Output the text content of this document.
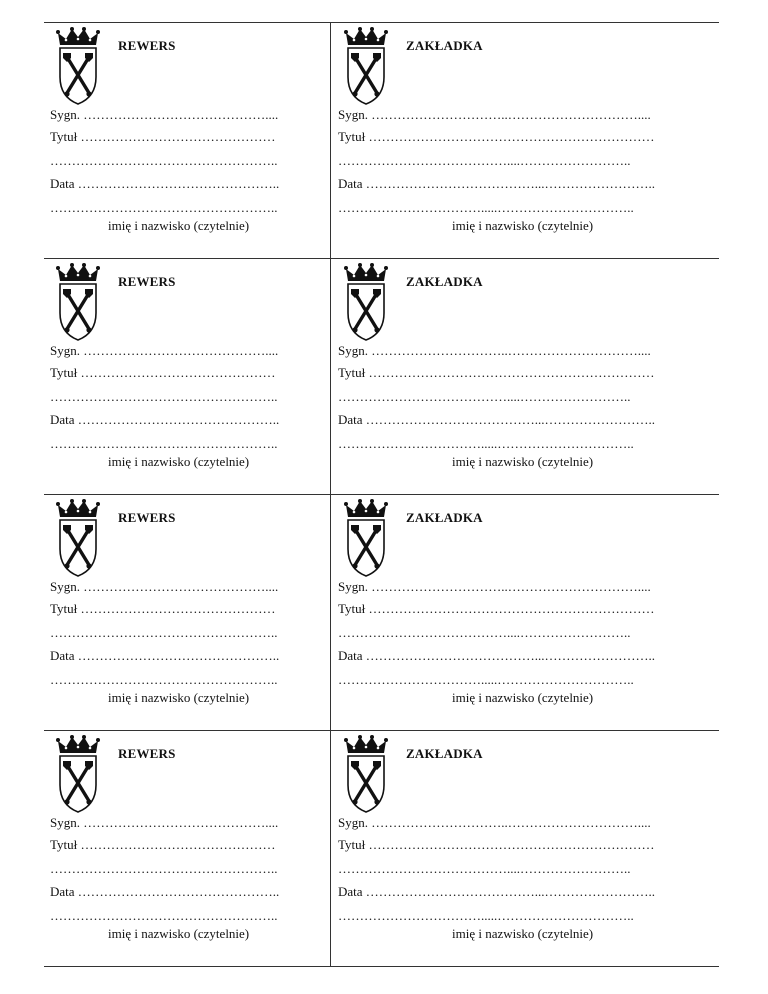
REWERS
Sygn. ……………………………………....
Tytuł ………………………………………
……………………………………………..
Data ………………………………………..
……………………………………………..
imię i nazwisko (czytelnie)
ZAKŁADKA
Sygn. …………………………..…………………………....
Tytuł …………………………………………………………
…………………………………....……………………..
Data …………………………………...……………………..
…………………………….....…………………………..
imię i nazwisko (czytelnie)
REWERS
Sygn. ……………………………………....
Tytuł ………………………………………
……………………………………………..
Data ………………………………………..
……………………………………………..
imię i nazwisko (czytelnie)
ZAKŁADKA
Sygn. …………………………..…………………………....
Tytuł …………………………………………………………
…………………………………....……………………..
Data …………………………………...……………………..
…………………………….....…………………………..
imię i nazwisko (czytelnie)
REWERS
Sygn. ……………………………………....
Tytuł ………………………………………
……………………………………………..
Data ………………………………………..
……………………………………………..
imię i nazwisko (czytelnie)
ZAKŁADKA
Sygn. …………………………..…………………………....
Tytuł …………………………………………………………
…………………………………....……………………..
Data …………………………………...……………………..
…………………………….....…………………………..
imię i nazwisko (czytelnie)
REWERS
Sygn. ……………………………………....
Tytuł ………………………………………
……………………………………………..
Data ………………………………………..
……………………………………………..
imię i nazwisko (czytelnie)
ZAKŁADKA
Sygn. …………………………..…………………………....
Tytuł …………………………………………………………
…………………………………....……………………..
Data …………………………………...……………………..
…………………………….....…………………………..
imię i nazwisko (czytelnie)
